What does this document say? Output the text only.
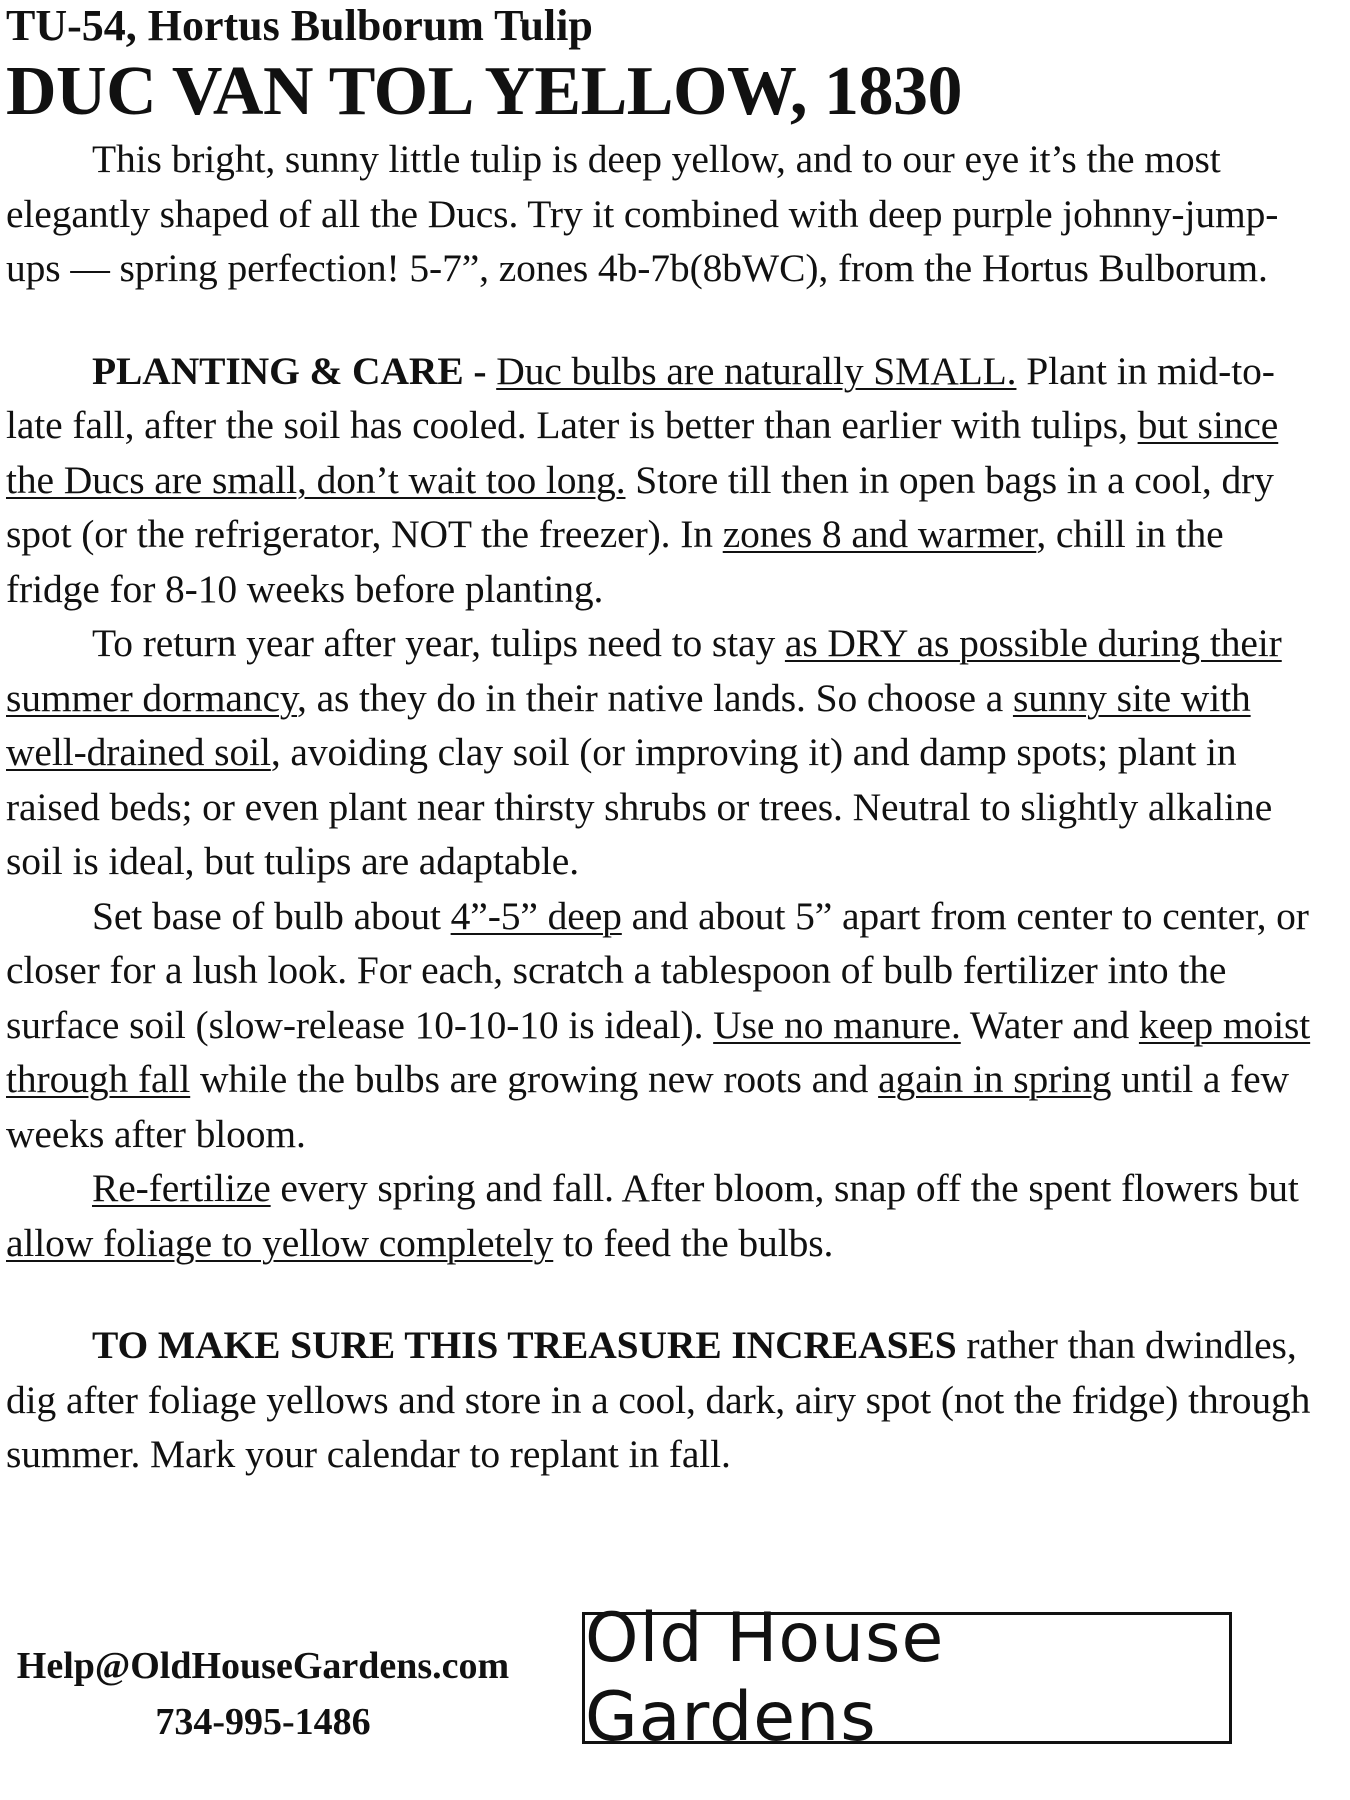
TU-54, Hortus Bulborum Tulip

DUC VAN TOL YELLOW, 1830

This bright, sunny little tulip is deep yellow, and to our eye it’s the most elegantly shaped of all the Ducs. Try it combined with deep purple johnny-jump-ups — spring perfection! 5-7”, zones 4b-7b(8bWC), from the Hortus Bulborum.

PLANTING & CARE - Duc bulbs are naturally SMALL. Plant in mid-to-late fall, after the soil has cooled. Later is better than earlier with tulips, but since the Ducs are small, don’t wait too long. Store till then in open bags in a cool, dry spot (or the refrigerator, NOT the freezer). In zones 8 and warmer, chill in the fridge for 8-10 weeks before planting.

To return year after year, tulips need to stay as DRY as possible during their summer dormancy, as they do in their native lands. So choose a sunny site with well-drained soil, avoiding clay soil (or improving it) and damp spots; plant in raised beds; or even plant near thirsty shrubs or trees. Neutral to slightly alkaline soil is ideal, but tulips are adaptable.

Set base of bulb about 4”-5” deep and about 5” apart from center to center, or closer for a lush look. For each, scratch a tablespoon of bulb fertilizer into the surface soil (slow-release 10-10-10 is ideal). Use no manure. Water and keep moist through fall while the bulbs are growing new roots and again in spring until a few weeks after bloom.

Re-fertilize every spring and fall. After bloom, snap off the spent flowers but allow foliage to yellow completely to feed the bulbs.

TO MAKE SURE THIS TREASURE INCREASES rather than dwindles, dig after foliage yellows and store in a cool, dark, airy spot (not the fridge) through summer. Mark your calendar to replant in fall.

Help@OldHouseGardens.com
734-995-1486
Old House Gardens
